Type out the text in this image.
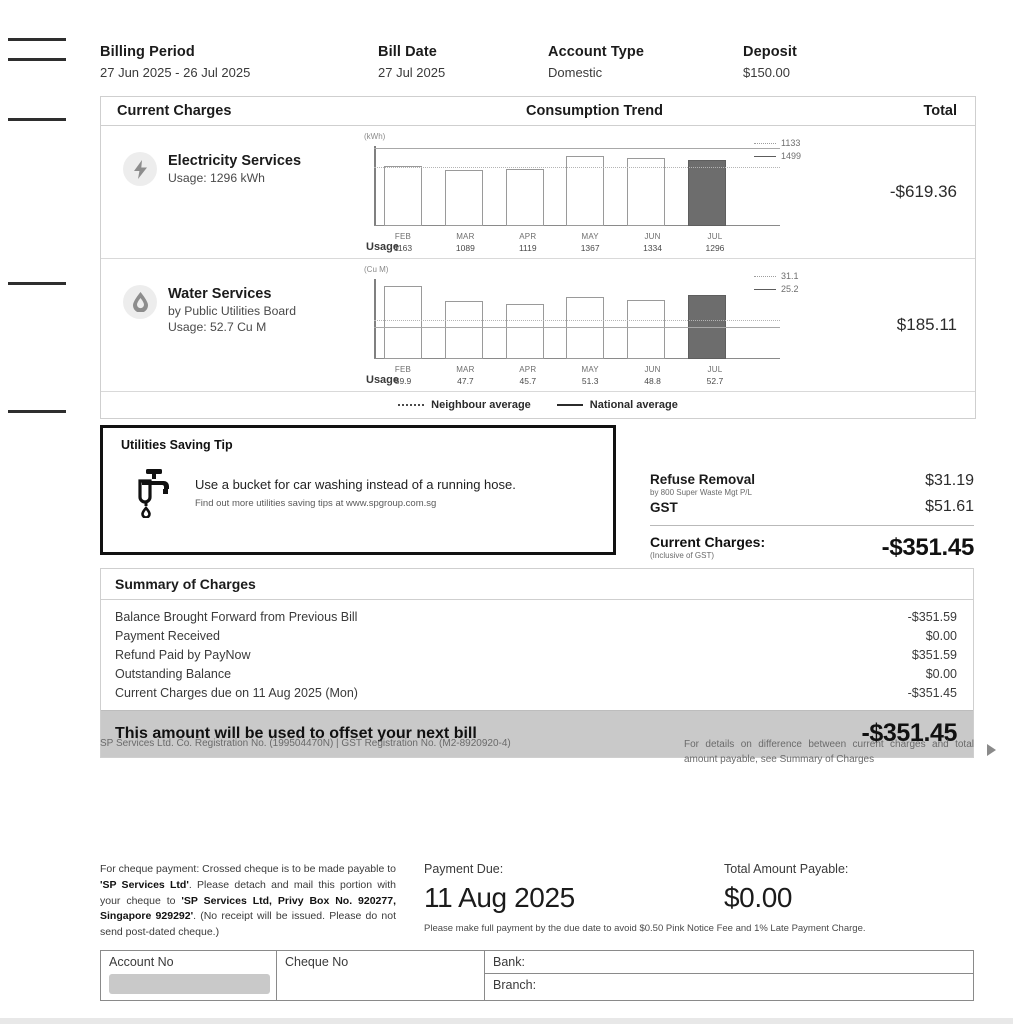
Billing Period
27 Jun 2025 - 26 Jul 2025
Bill Date
27 Jul 2025
Account Type
Domestic
Deposit
$150.00
Current Charges	Consumption Trend	Total
Electricity Services
Usage: 1296 kWh
(kWh)
1133
1499
Usage
FEB
1163
MAR
1089
APR
1119
MAY
1367
JUN
1334
JUL
1296
-$619.36
Water Services
by Public Utilities Board
Usage: 52.7 Cu M
(Cu M)
31.1
25.2
Usage
FEB
59.9
MAR
47.7
APR
45.7
MAY
51.3
JUN
48.8
JUL
52.7
$185.11
Neighbour average	National average
Utilities Saving Tip
Use a bucket for car washing instead of a running hose.
Find out more utilities saving tips at www.spgroup.com.sg
Refuse Removal
by 800 Super Waste Mgt P/L
$31.19
GST	$51.61
Current Charges:
(Inclusive of GST)	-$351.45
Summary of Charges
Balance Brought Forward from Previous Bill	-$351.59
Payment Received	$0.00
Refund Paid by PayNow	$351.59
Outstanding Balance	$0.00
Current Charges due on 11 Aug 2025 (Mon)	-$351.45
This amount will be used to offset your next bill	-$351.45
SP Services Ltd. Co. Registration No. (199504470N) | GST Registration No. (M2-8920920-4)	For details on difference between current charges and total amount payable, see Summary of Charges
For cheque payment: Crossed cheque is to be made payable to 'SP Services Ltd'. Please detach and mail this portion with your cheque to 'SP Services Ltd, Privy Box No. 920277, Singapore 929292'. (No receipt will be issued. Please do not send post-dated cheque.)
Payment Due:
11 Aug 2025
Total Amount Payable:
$0.00
Please make full payment by the due date to avoid $0.50 Pink Notice Fee and 1% Late Payment Charge.
Account No	Cheque No	Bank:
Branch:
